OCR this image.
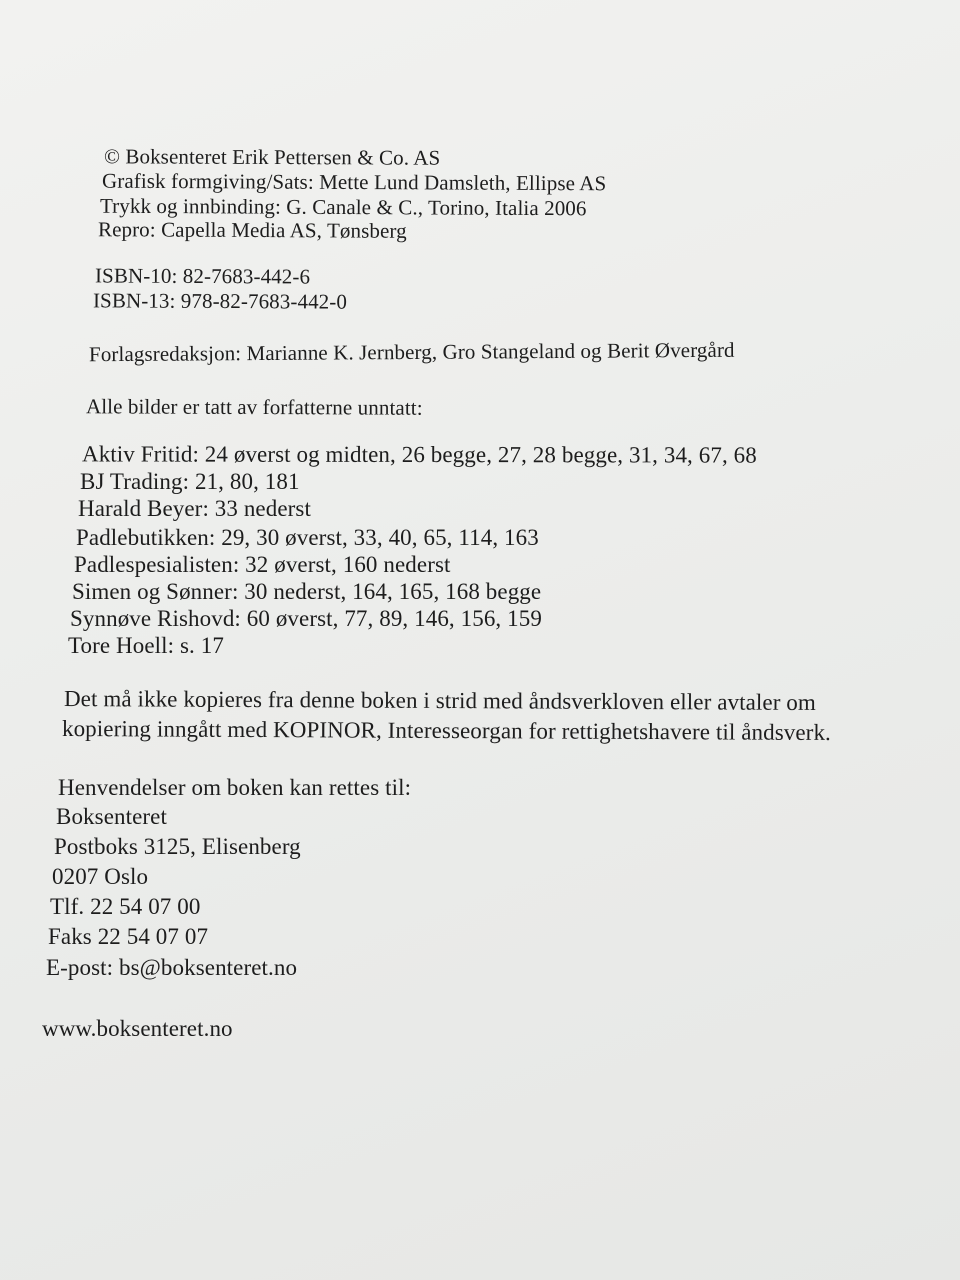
© Boksenteret Erik Pettersen & Co. AS
Grafisk formgiving/Sats: Mette Lund Damsleth, Ellipse AS
Trykk og innbinding: G. Canale & C., Torino, Italia 2006
Repro: Capella Media AS, Tønsberg
ISBN-10: 82-7683-442-6
ISBN-13: 978-82-7683-442-0
Forlagsredaksjon: Marianne K. Jernberg, Gro Stangeland og Berit Øvergård
Alle bilder er tatt av forfatterne unntatt:
Aktiv Fritid: 24 øverst og midten, 26 begge, 27, 28 begge, 31, 34, 67, 68
BJ Trading: 21, 80, 181
Harald Beyer: 33 nederst
Padlebutikken: 29, 30 øverst, 33, 40, 65, 114, 163
Padlespesialisten: 32 øverst, 160 nederst
Simen og Sønner: 30 nederst, 164, 165, 168 begge
Synnøve Rishovd: 60 øverst, 77, 89, 146, 156, 159
Tore Hoell: s. 17
Det må ikke kopieres fra denne boken i strid med åndsverkloven eller avtaler om
kopiering inngått med KOPINOR, Interesseorgan for rettighetshavere til åndsverk.
Henvendelser om boken kan rettes til:
Boksenteret
Postboks 3125, Elisenberg
0207 Oslo
Tlf. 22 54 07 00
Faks 22 54 07 07
E-post: bs@boksenteret.no
www.boksenteret.no
